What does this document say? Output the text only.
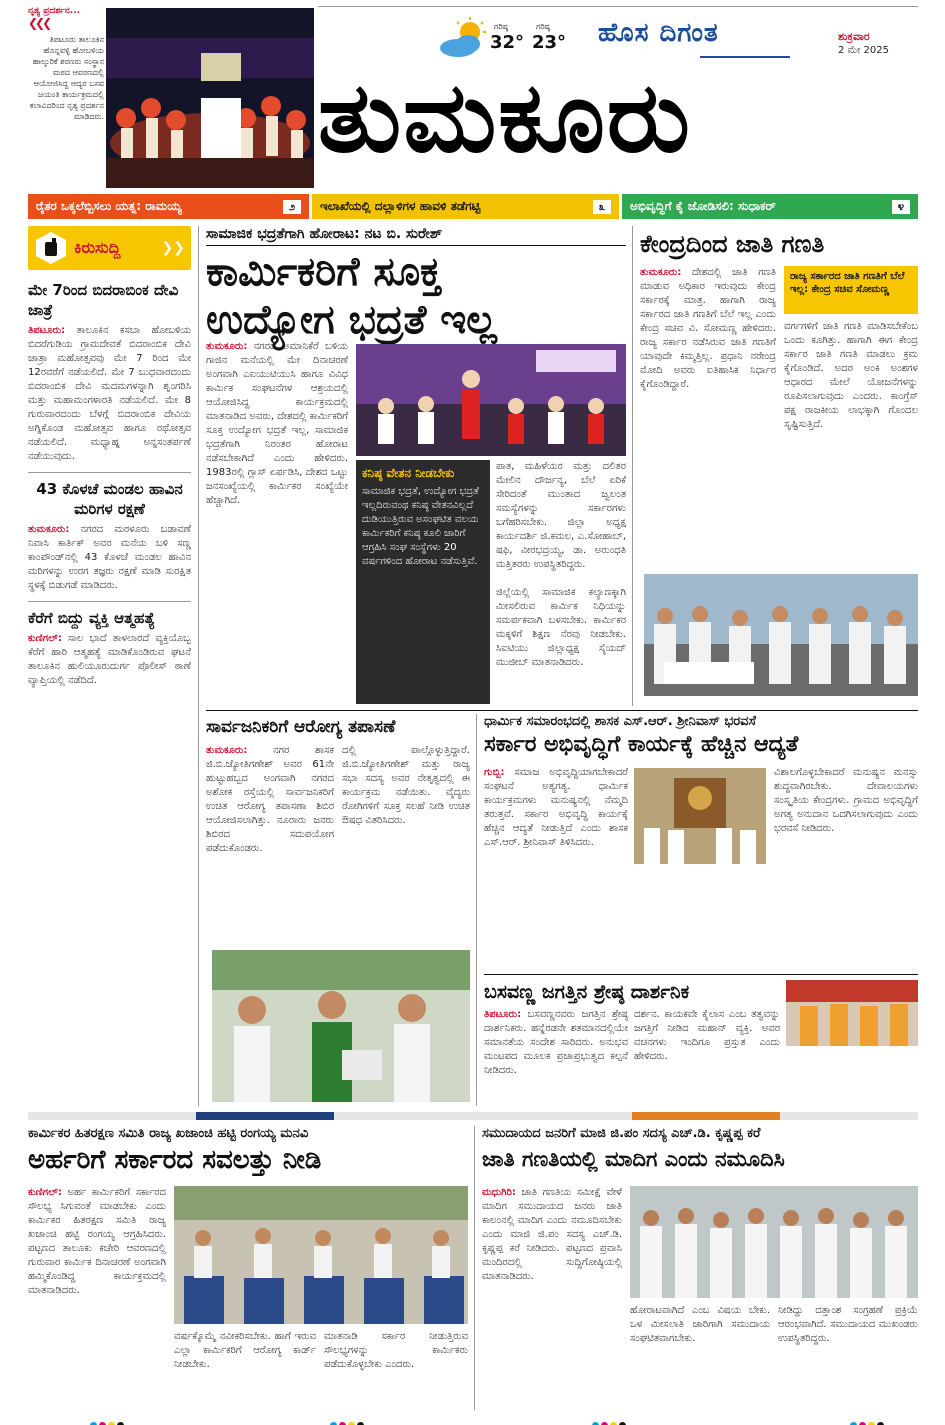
ನೃತ್ಯ ಪ್ರದರ್ಶನ...
❮❮❮
ತಿಪಟೂರು ತಾಲೂಕಿನ ಹೊನ್ನವಳ್ಳಿ ಹೋಬಳಿಯ ಹಾಲ್ಕುರಿಕೆ ಶರಣರು ಸಂಸ್ಥಾನ ಮಠದ ಆವರಣದಲ್ಲಿ ಆಯೋಜಿಸಿದ್ದ ಆದ್ಯರ ಬಸವ ಜಯಂತಿ ಕಾರ್ಯಕ್ರಮದಲ್ಲಿ ಕಲಾವಿದರಿಂದ ನೃತ್ಯ ಪ್ರದರ್ಶನ ಮಾಡಿದರು.
ಗರಿಷ್ಠ
32°
ಗರಿಷ್ಠ
23° ಹೊಸ ದಿಗಂತ	ಶುಕ್ರವಾರ
2 ಮೇ 2025
ತುಮಕೂರು
ರೈತರ ಒಕ್ಕಲೆಬ್ಬಿಸಲು ಯತ್ನ: ರಾಮಯ್ಯ	೨	ಇಲಾಖೆಯಲ್ಲಿ ದಲ್ಲಾಳಿಗಳ ಹಾವಳಿ ತಡೆಗಟ್ಟಿ	೩	ಅಭಿವೃದ್ಧಿಗೆ ಕೈ ಜೋಡಿಸಲಿ: ಸುಧಾಕರ್	೪
ಕಿರುಸುದ್ದಿ	❯❯
ಮೇ 7ರಿಂದ ಬಿದರಾಬಿಂಕ ದೇವಿ ಜಾತ್ರೆ

ತಿಪಟೂರು: ತಾಲೂಕಿನ ಕಸಬಾ ಹೋಬಳಿಯ ಬಿದರೆಗುಡಿಯ ಗ್ರಾಮದೇವತೆ ಬಿದರಾಂಬಿಕ ದೇವಿ ಜಾತ್ರಾ ಮಹೋತ್ಸವವು ಮೇ 7 ರಿಂದ ಮೇ 12ರವರೆಗೆ ನಡೆಯಲಿದೆ. ಮೇ 7 ಬುಧವಾರದಂದು ಬಿದರಾಂಬಿಕ ದೇವಿ ಮದಮಗಳನ್ನಾಗಿ ಶೃಂಗರಿಸಿ ಮತ್ತು ಮಹಾಮಂಗಳಾರತಿ ನಡೆಯಲಿದೆ. ಮೇ 8 ಗುರುವಾರದಂದು ಬೆಳಗ್ಗೆ ಬಿದರಾಂಬಿಕ ದೇವಿಯ ಅಗ್ನಿಕೊಂಡ ಮಹೋತ್ಸವ ಹಾಗೂ ರಥೋತ್ಸವ ನಡೆಯಲಿದೆ. ಮಧ್ಯಾಹ್ನ ಅನ್ನಸಂತರ್ಪಣೆ ನಡೆಯುವುದು.

43 ಕೊಳಚೆ ಮಂಡಲ ಹಾವಿನ ಮರಿಗಳ ರಕ್ಷಣೆ

ತುಮಕೂರು: ನಗರದ ಮರಳೂರು ಬಡಾವಣೆ ನಿವಾಸಿ ಕಾರ್ತಿಕ್ ಅವರ ಮನೆಯ ಬಳಿ ಸಣ್ಣ ಕಾಂಪೌಂಡ್‌ನಲ್ಲಿ 43 ಕೊಳಚೆ ಮಂಡಲ ಹಾವಿನ ಮರಿಗಳನ್ನು ಉರಗ ತಜ್ಞರು ರಕ್ಷಣೆ ಮಾಡಿ ಸುರಕ್ಷಿತ ಸ್ಥಳಕ್ಕೆ ಬಿಡುಗಡೆ ಮಾಡಿದರು.

ಕೆರೆಗೆ ಬಿದ್ದು ವ್ಯಕ್ತಿ ಆತ್ಮಹತ್ಯೆ

ಕುಣಿಗಲ್: ಸಾಲ ಭಾದೆ ತಾಳಲಾರದೆ ವ್ಯಕ್ತಿಯೊಬ್ಬ ಕೆರೆಗೆ ಹಾರಿ ಆತ್ಮಹತ್ಯೆ ಮಾಡಿಕೊಂಡಿರುವ ಘಟನೆ ತಾಲೂಕಿನ ಹುಲಿಯೂರುದುರ್ಗ ಪೊಲೀಸ್ ಠಾಣೆ ವ್ಯಾಪ್ತಿಯಲ್ಲಿ ನಡೆದಿದೆ.

ಸಾಮಾಜಿಕ ಭದ್ರತೆಗಾಗಿ ಹೋರಾಟ: ನಟ ಬಿ. ಸುರೇಶ್
ಕಾರ್ಮಿಕರಿಗೆ ಸೂಕ್ತ
ಉದ್ಯೋಗ ಭದ್ರತೆ ಇಲ್ಲ

ತುಮಕೂರು: ನಗರದ ಅಮಾನಿಕೆರೆ ಬಳಿಯ ಗಾಜಿನ ಮನೆಯಲ್ಲಿ ಮೇ ದಿನಾಚರಣೆ ಅಂಗವಾಗಿ ಎಐಯುಟಿಯುಸಿ ಹಾಗೂ ವಿವಿಧ ಕಾರ್ಮಿಕ ಸಂಘಟನೆಗಳ ಆಶ್ರಯದಲ್ಲಿ ಆಯೋಜಿಸಿದ್ದ ಕಾರ್ಯಕ್ರಮದಲ್ಲಿ ಮಾತನಾಡಿದ ಅವರು, ದೇಶದಲ್ಲಿ ಕಾರ್ಮಿಕರಿಗೆ ಸೂಕ್ತ ಉದ್ಯೋಗ ಭದ್ರತೆ ಇಲ್ಲ, ಸಾಮಾಜಿಕ ಭದ್ರತೆಗಾಗಿ ನಿರಂತರ ಹೋರಾಟ ನಡೆಸಬೇಕಾಗಿದೆ ಎಂದು ಹೇಳಿದರು. 1983ರಲ್ಲಿ ಗ್ಲಾಸ್ ಏರ್ಪಡಿಸಿ, ದೇಶದ ಒಟ್ಟು ಜನಸಂಖ್ಯೆಯಲ್ಲಿ ಕಾರ್ಮಿಕರ ಸಂಖ್ಯೆಯೇ ಹೆಚ್ಚಾಗಿದೆ.

ಕನಿಷ್ಠ ವೇತನ ನೀಡಬೇಕು
ಸಾಮಾಜಿಕ ಭದ್ರತೆ, ಉದ್ಯೋಗ ಭದ್ರತೆ ಇಲ್ಲದಿರುವಂಥ ಕನಿಷ್ಠ ವೇತನವಿಲ್ಲದೆ ದುಡಿಯುತ್ತಿರುವ ಅಸಂಘಟಿತ ವಲಯ ಕಾರ್ಮಿಕರಿಗೆ ಕನಿಷ್ಠ ಕೂಲಿ ಜಾರಿಗೆ ಆಗ್ರಹಿಸಿ ಸಂಘ ಸಂಸ್ಥೆಗಳು 20 ವರ್ಷಗಳಿಂದ ಹೋರಾಟ ನಡೆಸುತ್ತಿವೆ.

ಪಾತ, ಮಹಿಳೆಯರ ಮತ್ತು ದಲಿತರ ಮೇಲಿನ ದೌರ್ಜನ್ಯ, ಬೆಲೆ ಏರಿಕೆ ಸೇರಿದಂತೆ ಮುಂತಾದ ಜ್ವಲಂತ ಸಮಸ್ಯೆಗಳನ್ನು ಸರ್ಕಾರಗಳು ಬಗೆಹರಿಸಬೇಕು. ಜಿಲ್ಲಾ ಅಧ್ಯಕ್ಷ ಕಾರ್ಯದರ್ಶಿ ಜಿ.ಕಮಲ, ಎ.ಸೋಹಾಬ್, ಷಫಿ, ವೀರಭದ್ರಯ್ಯ, ಡಾ. ಅರುಂಧತಿ ಮತ್ತಿತರರು ಉಪಸ್ಥಿತರಿದ್ದರು.

ಜಿಲ್ಲೆಯಲ್ಲಿ ಸಾಮಾಜಿಕ ಕಲ್ಯಾಣಕ್ಕಾಗಿ ಮೀಸಲಿರುವ ಕಾರ್ಮಿಕ ನಿಧಿಯನ್ನು ಸಮರ್ಪಕವಾಗಿ ಬಳಸಬೇಕು. ಕಾರ್ಮಿಕರ ಮಕ್ಕಳಿಗೆ ಶಿಕ್ಷಣ ನೆರವು ನೀಡಬೇಕು. ಸಿಐಟಿಯು ಜಿಲ್ಲಾಧ್ಯಕ್ಷ ಸೈಯದ್ ಮುಜೀಬ್ ಮಾತನಾಡಿದರು.

ಕೇಂದ್ರದಿಂದ ಜಾತಿ ಗಣತಿ

ತುಮಕೂರು: ದೇಶದಲ್ಲಿ ಜಾತಿ ಗಣತಿ ಮಾಡುವ ಅಧಿಕಾರ ಇರುವುದು ಕೇಂದ್ರ ಸರ್ಕಾರಕ್ಕೆ ಮಾತ್ರ. ಹಾಗಾಗಿ ರಾಜ್ಯ ಸರ್ಕಾರದ ಜಾತಿ ಗಣತಿಗೆ ಬೆಲೆ ಇಲ್ಲ ಎಂದು ಕೇಂದ್ರ ಸಚಿವ ವಿ. ಸೋಮಣ್ಣ ಹೇಳಿದರು. ರಾಜ್ಯ ಸರ್ಕಾರ ನಡೆಸಿರುವ ಜಾತಿ ಗಣತಿಗೆ ಯಾವುದೇ ಕಿಮ್ಮತ್ತಿಲ್ಲ. ಪ್ರಧಾನಿ ನರೇಂದ್ರ ಮೋದಿ ಅವರು ಐತಿಹಾಸಿಕ ನಿರ್ಧಾರ ಕೈಗೊಂಡಿದ್ದಾರೆ.

ರಾಜ್ಯ ಸರ್ಕಾರದ ಜಾತಿ ಗಣತಿಗೆ ಬೆಲೆ ಇಲ್ಲ: ಕೇಂದ್ರ ಸಚಿವ ಸೋಮಣ್ಣ

ವರ್ಗಗಳಿಗೆ ಜಾತಿ ಗಣತಿ ಮಾಡಿಸಬೇಕೆಂಬ ಒಂದು ಕೂಗಿತ್ತು. ಹಾಗಾಗಿ ಈಗ ಕೇಂದ್ರ ಸರ್ಕಾರ ಜಾತಿ ಗಣತಿ ಮಾಡಲು ಕ್ರಮ ಕೈಗೊಂಡಿದೆ. ಅದರ ಅಂಕಿ ಅಂಶಗಳ ಆಧಾರದ ಮೇಲೆ ಯೋಜನೆಗಳನ್ನು ರೂಪಿಸಲಾಗುವುದು ಎಂದರು. ಕಾಂಗ್ರೆಸ್ ಪಕ್ಷ ರಾಜಕೀಯ ಲಾಭಕ್ಕಾಗಿ ಗೊಂದಲ ಸೃಷ್ಟಿಸುತ್ತಿದೆ.

ಸಾರ್ವಜನಿಕರಿಗೆ ಆರೋಗ್ಯ ತಪಾಸಣೆ

ತುಮಕೂರು:	ನಗರ ಶಾಸಕ ಜಿ.ಬಿ.ಜ್ಯೋತಿಗಣೇಶ್ ಅವರ 61ನೇ ಹುಟ್ಟುಹಬ್ಬದ ಅಂಗವಾಗಿ ನಗರದ ಅಶೋಕ ರಸ್ತೆಯಲ್ಲಿ ಸಾರ್ವಜನಿಕರಿಗೆ ಉಚಿತ ಆರೋಗ್ಯ ತಪಾಸಣಾ ಶಿಬಿರ ಆಯೋಜಿಸಲಾಗಿತ್ತು. ನೂರಾರು ಜನರು ಶಿಬಿರದ ಸದುಪಯೋಗ ಪಡೆದುಕೊಂಡರು.

ದಲ್ಲಿ ಪಾಲ್ಗೊಳ್ಳುತ್ತಿದ್ದಾರೆ. ಜಿ.ಬಿ.ಜ್ಯೋತಿಗಣೇಶ್ ಮತ್ತು ರಾಜ್ಯ ಸಭಾ ಸದಸ್ಯ ಅವರ ನೇತೃತ್ವದಲ್ಲಿ ಈ ಕಾರ್ಯಕ್ರಮ ನಡೆಯಿತು. ವೈದ್ಯರು ರೋಗಿಗಳಿಗೆ ಸೂಕ್ತ ಸಲಹೆ ನೀಡಿ ಉಚಿತ ಔಷಧ ವಿತರಿಸಿದರು.

ಧಾರ್ಮಿಕ ಸಮಾರಂಭದಲ್ಲಿ ಶಾಸಕ ಎಸ್.ಆರ್. ಶ್ರೀನಿವಾಸ್ ಭರವಸೆ
ಸರ್ಕಾರ ಅಭಿವೃದ್ಧಿಗೆ ಕಾರ್ಯಕ್ಕೆ ಹೆಚ್ಚಿನ ಆದ್ಯತೆ

ಗುಬ್ಬಿ: ಸಮಾಜ ಅಭಿವೃದ್ಧಿಯಾಗಬೇಕಾದರೆ ಸಂಘಟನೆ ಅತ್ಯಗತ್ಯ. ಧಾರ್ಮಿಕ ಕಾರ್ಯಕ್ರಮಗಳು ಮನುಷ್ಯನಲ್ಲಿ ನೆಮ್ಮದಿ ತರುತ್ತವೆ. ಸರ್ಕಾರ ಅಭಿವೃದ್ಧಿ ಕಾರ್ಯಕ್ಕೆ ಹೆಚ್ಚಿನ ಆದ್ಯತೆ ನೀಡುತ್ತಿದೆ ಎಂದು ಶಾಸಕ ಎಸ್.ಆರ್. ಶ್ರೀನಿವಾಸ್ ತಿಳಿಸಿದರು.

ವಿಶಾಲಗೊಳ್ಳಬೇಕಾದರೆ ಮನುಷ್ಯನ ಮನಸ್ಸು ಶುದ್ಧವಾಗಿರಬೇಕು. ದೇವಾಲಯಗಳು ಸಂಸ್ಕೃತಿಯ ಕೇಂದ್ರಗಳು. ಗ್ರಾಮದ ಅಭಿವೃದ್ಧಿಗೆ ಅಗತ್ಯ ಅನುದಾನ ಒದಗಿಸಲಾಗುವುದು ಎಂದು ಭರವಸೆ ನೀಡಿದರು.

ಬಸವಣ್ಣ ಜಗತ್ತಿನ ಶ್ರೇಷ್ಠ ದಾರ್ಶನಿಕ

ತಿಪಟೂರು: ಬಸವಣ್ಣನವರು ಜಗತ್ತಿನ ಶ್ರೇಷ್ಠ ದಾರ್ಶನಿಕರು. ಹನ್ನೆರಡನೇ ಶತಮಾನದಲ್ಲಿಯೇ ಸಮಾನತೆಯ ಸಂದೇಶ ಸಾರಿದರು. ಅನುಭವ ಮಂಟಪದ ಮೂಲಕ ಪ್ರಜಾಪ್ರಭುತ್ವದ ಕಲ್ಪನೆ ನೀಡಿದರು.

ದರ್ಶನ. ಕಾಯಕವೇ ಕೈಲಾಸ ಎಂಬ ತತ್ವವನ್ನು ಜಗತ್ತಿಗೆ ನೀಡಿದ ಮಹಾನ್ ವ್ಯಕ್ತಿ. ಅವರ ವಚನಗಳು ಇಂದಿಗೂ ಪ್ರಸ್ತುತ ಎಂದು ಹೇಳಿದರು.

ಕಾರ್ಮಿಕರ ಹಿತರಕ್ಷಣ ಸಮಿತಿ ರಾಜ್ಯ ಖಜಾಂಚಿ ಹಟ್ಟಿ ರಂಗಯ್ಯ ಮನವಿ
ಅರ್ಹರಿಗೆ ಸರ್ಕಾರದ ಸವಲತ್ತು ನೀಡಿ

ಕುಣಿಗಲ್: ಅರ್ಹ ಕಾರ್ಮಿಕರಿಗೆ ಸರ್ಕಾರದ ಸೌಲಭ್ಯ ಸಿಗುವಂತೆ ಮಾಡಬೇಕು ಎಂದು ಕಾರ್ಮಿಕರ ಹಿತರಕ್ಷಣ ಸಮಿತಿ ರಾಜ್ಯ ಖಜಾಂಚಿ ಹಟ್ಟಿ ರಂಗಯ್ಯ ಆಗ್ರಹಿಸಿದರು. ಪಟ್ಟಣದ ತಾಲೂಕು ಕಚೇರಿ ಆವರಣದಲ್ಲಿ ಗುರುವಾರ ಕಾರ್ಮಿಕ ದಿನಾಚರಣೆ ಅಂಗವಾಗಿ ಹಮ್ಮಿಕೊಂಡಿದ್ದ ಕಾರ್ಯಕ್ರಮದಲ್ಲಿ ಮಾತನಾಡಿದರು.

ವರ್ಷಕ್ಕೊಮ್ಮೆ ನವೀಕರಿಸಬೇಕು. ಹಾಗೆ ಇರುವ ಎಲ್ಲಾ ಕಾರ್ಮಿಕರಿಗೆ ಆರೋಗ್ಯ ಕಾರ್ಡ್ ನೀಡಬೇಕು.

ಮಾತನಾಡಿ ಸರ್ಕಾರ ನೀಡುತ್ತಿರುವ ಸೌಲಭ್ಯಗಳನ್ನು ಕಾರ್ಮಿಕರು ಪಡೆದುಕೊಳ್ಳಬೇಕು ಎಂದರು.

ಸಮುದಾಯದ ಜನರಿಗೆ ಮಾಜಿ ಜಿ.ಪಂ ಸದಸ್ಯ ಎಚ್.ಡಿ. ಕೃಷ್ಣಪ್ಪ ಕರೆ
ಜಾತಿ ಗಣತಿಯಲ್ಲಿ ಮಾದಿಗ ಎಂದು ನಮೂದಿಸಿ

ಮಧುಗಿರಿ: ಜಾತಿ ಗಣತಿಯ ಸಮೀಕ್ಷೆ ವೇಳೆ ಮಾದಿಗ ಸಮುದಾಯದ ಜನರು ಜಾತಿ ಕಾಲಂನಲ್ಲಿ ಮಾದಿಗ ಎಂದು ನಮೂದಿಸಬೇಕು ಎಂದು ಮಾಜಿ ಜಿ.ಪಂ ಸದಸ್ಯ ಎಚ್.ಡಿ. ಕೃಷ್ಣಪ್ಪ ಕರೆ ನೀಡಿದರು. ಪಟ್ಟಣದ ಪ್ರವಾಸಿ ಮಂದಿರದಲ್ಲಿ ಸುದ್ದಿಗೋಷ್ಠಿಯಲ್ಲಿ ಮಾತನಾಡಿದರು.

ಹೋರಾಟವಾಗಿದೆ ಎಂಬ ವಿಷಯ ಬೇಕು. ಒಳ ಮೀಸಲಾತಿ ಜಾರಿಗಾಗಿ ಸಮುದಾಯ ಸಂಘಟಿತವಾಗಬೇಕು.

ನೀಡಿದ್ದು ದತ್ತಾಂಶ ಸಂಗ್ರಹಣೆ ಪ್ರಕ್ರಿಯೆ ಆರಂಭವಾಗಿದೆ. ಸಮುದಾಯದ ಮುಖಂಡರು ಉಪಸ್ಥಿತರಿದ್ದರು.
